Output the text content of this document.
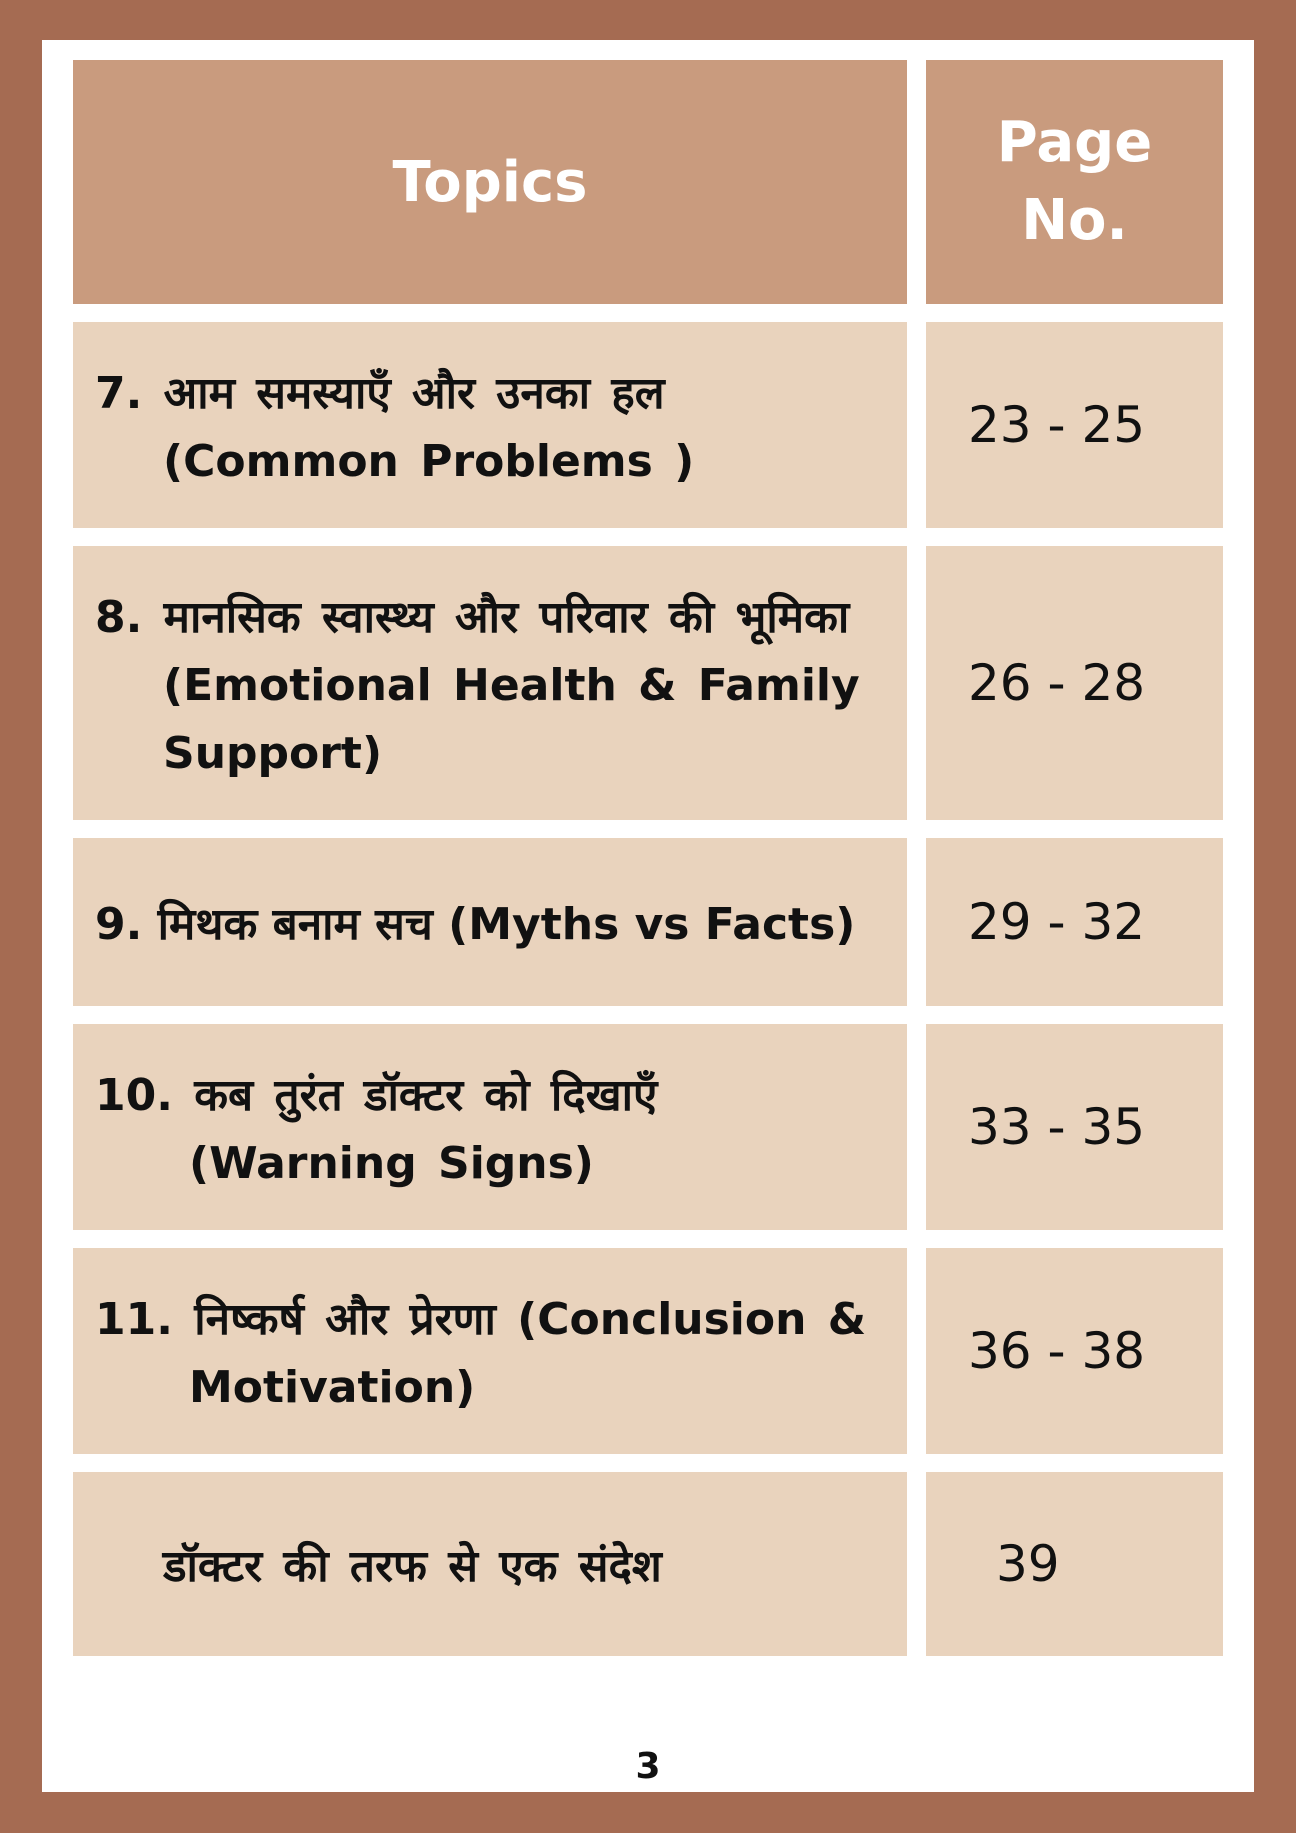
Topics
Page
No.
7. आम समस्याएँ और उनका हल (Common Problems )
23 - 25
8. मानसिक स्वास्थ्य और परिवार की भूमिका (Emotional Health & Family Support)
26 - 28
9. मिथक बनाम सच (Myths vs Facts) 29 - 32
10. कब तुरंत डॉक्टर को दिखाएँ (Warning Signs)
33 - 35
11. निष्कर्ष और प्रेरणा (Conclusion & Motivation)
36 - 38
डॉक्टर की तरफ से एक संदेश	39
3
